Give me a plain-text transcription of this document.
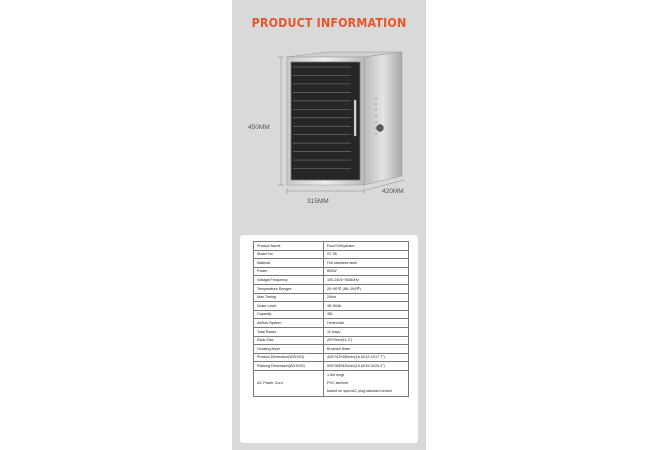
PRODUCT INFORMATION
450MM
315MM
420MM
Product Name	Food Dehydrator
Model No	ST-06
Material	Full stainless steel
Power	800W
Voltage/Frequency	100-240V~50/60Hz
Temperature Ranges	20~90℃ (68~194℉)
Max Timing	24hrs
Noise Level	45~50db
Capacity	45L
Airflow System	Horizontal
Total Racks	12 trays
Rack Size	29*29cm(11.4")
Housing finish	Brushed finish
Product Dimension(WXHXD)	420*315*450mm(16.5X12.4X17.7")
Packing Dimension(WXHXD)	500*365*520mm(19.6X15.3X20.4")
AC Power Cord	1.5m lengt
PVC sleeve#
based on spec/AC plug standard choice
